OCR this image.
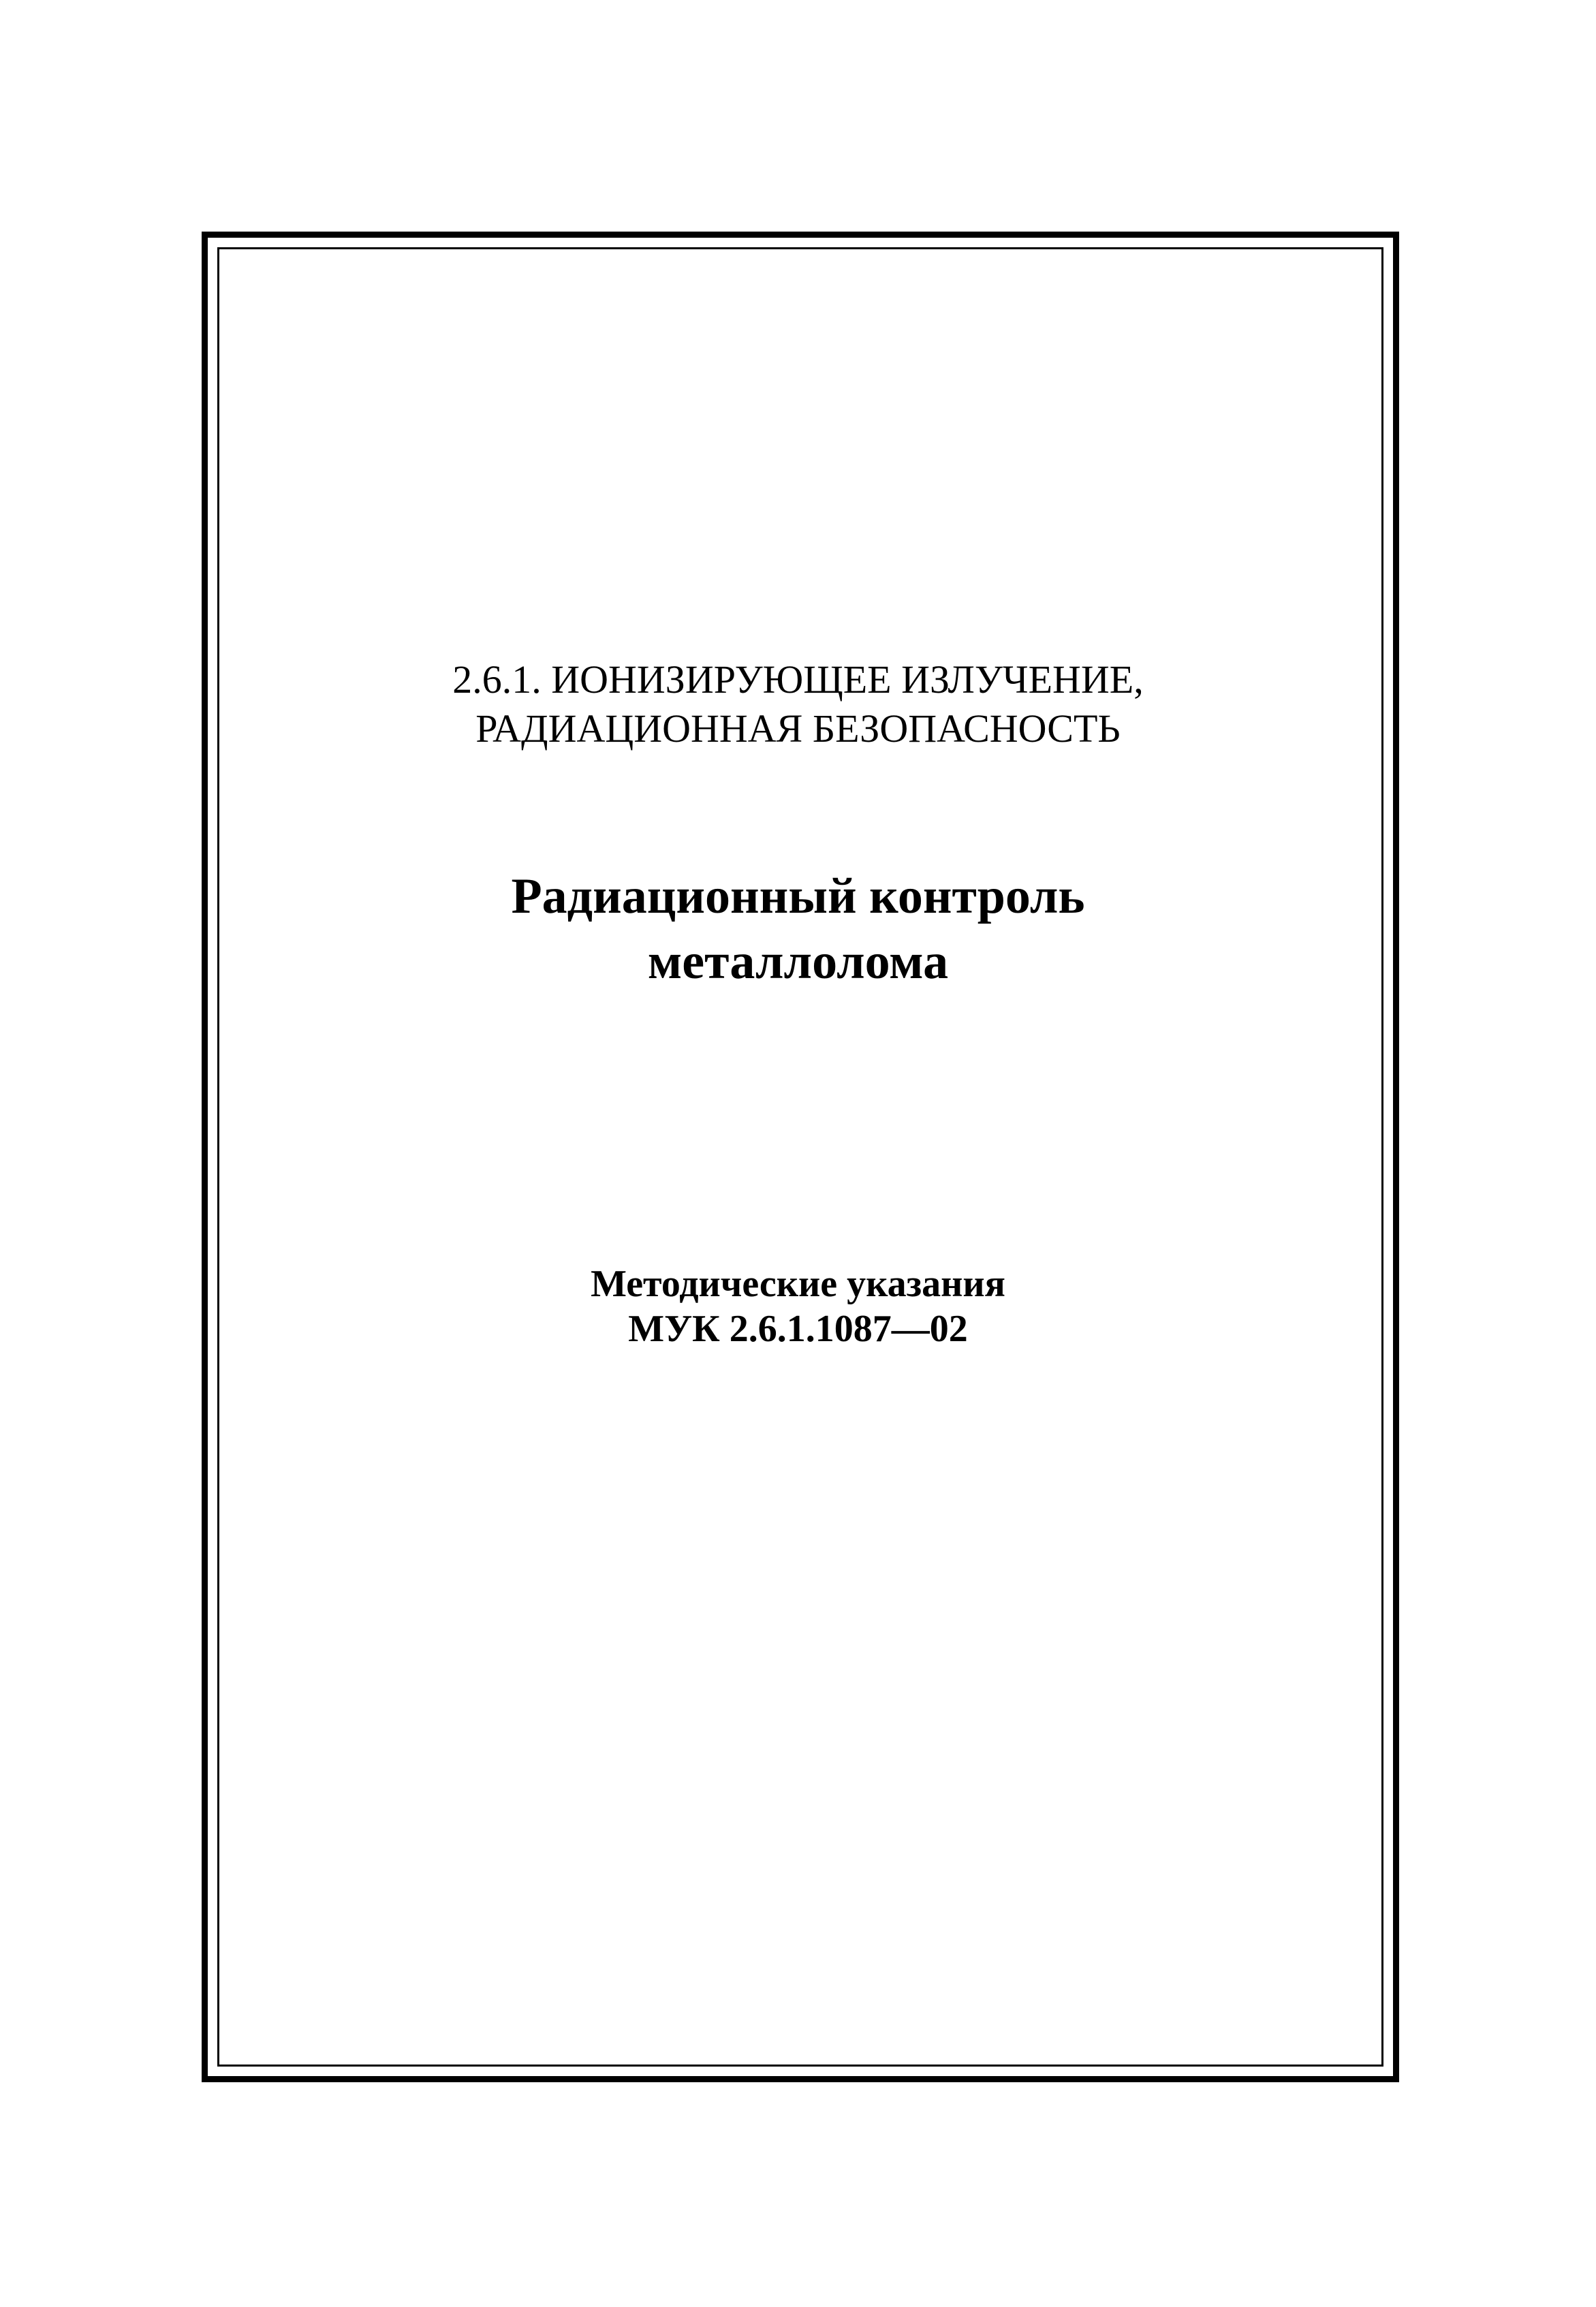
2.6.1. ИОНИЗИРУЮЩЕЕ ИЗЛУЧЕНИЕ,
РАДИАЦИОННАЯ БЕЗОПАСНОСТЬ
Радиационный контроль
металлолома
Методические указания
МУК 2.6.1.1087—02
